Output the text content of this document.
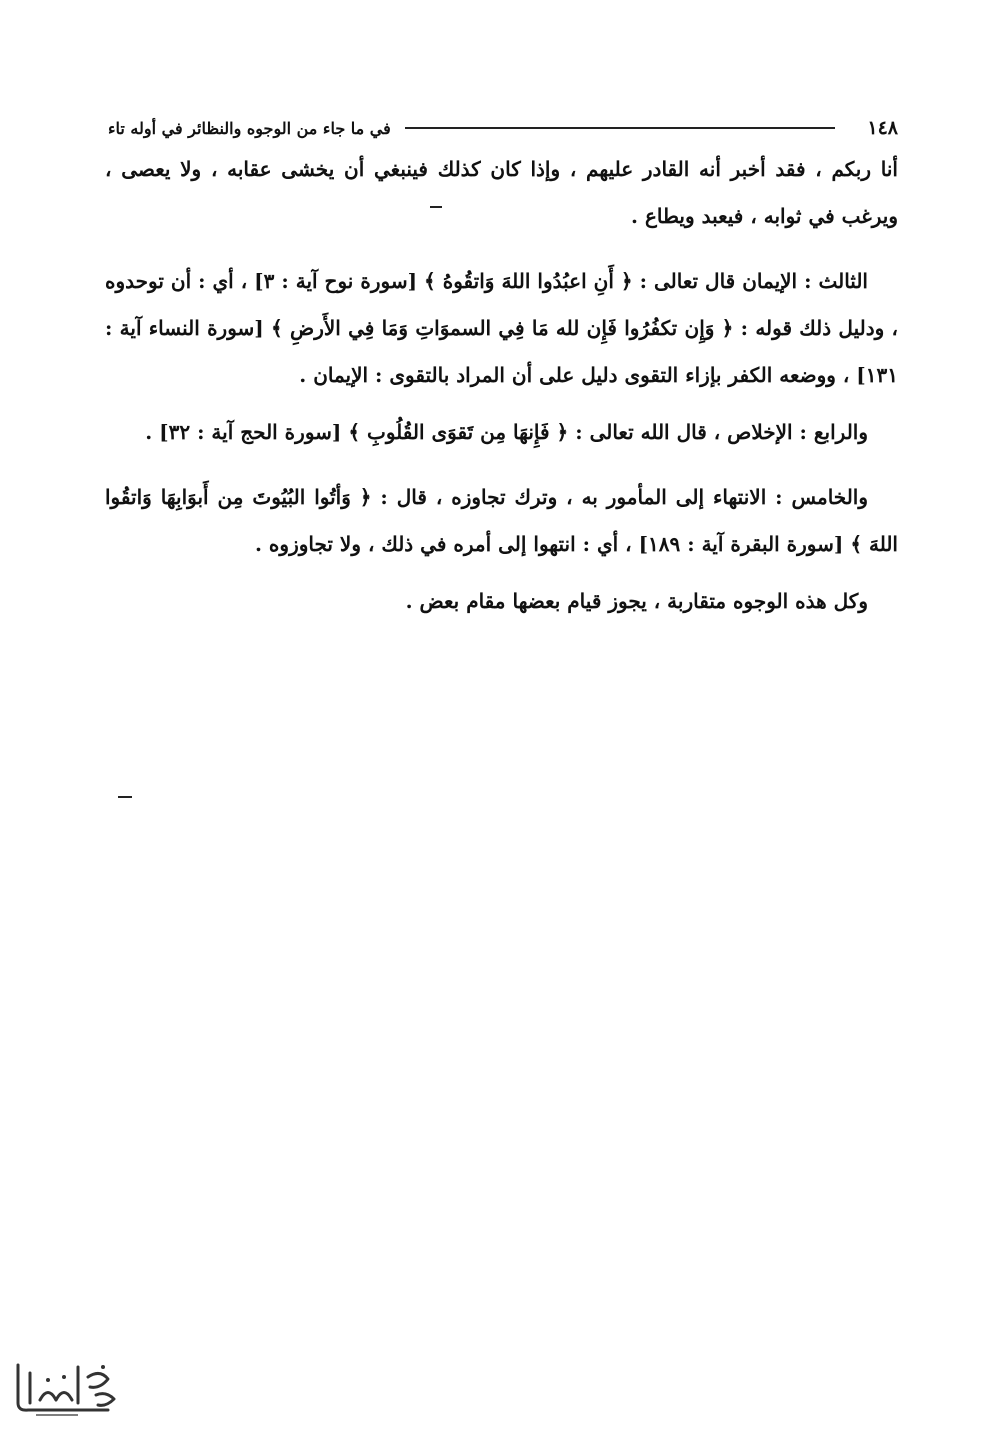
١٤٨
في ما جاء من الوجوه والنظائر في أوله تاء

أنا ربكم ، فقد أخبر أنه القادر عليهم ، وإذا كان كذلك فينبغي أن يخشى عقابه ، ولا يعصى ، ويرغب في ثوابه ، فيعبد ويطاع .

الثالث : الإيمان قال تعالى : ﴿ أَنِ اعبُدُوا اللهَ وَاتقُوهُ ﴾ [سورة نوح آية : ٣] ، أي : أن توحدوه ، ودليل ذلك قوله : ﴿ وَإِن تكفُرُوا فَإِن لله مَا فِي السموَاتِ وَمَا فِي الأَرضِ ﴾ [سورة النساء آية : ١٣١] ، ووضعه الكفر بإزاء التقوى دليل على أن المراد بالتقوى : الإيمان .

والرابع : الإخلاص ، قال الله تعالى : ﴿ فَإِنهَا مِن تَقوَى القُلُوبِ ﴾ [سورة الحج آية : ٣٢] .

والخامس : الانتهاء إلى المأمور به ، وترك تجاوزه ، قال : ﴿ وَأتُوا البُيُوتَ مِن أَبوَابِهَا وَاتقُوا اللهَ ﴾ [سورة البقرة آية : ١٨٩] ، أي : انتهوا إلى أمره في ذلك ، ولا تجاوزوه .

وكل هذه الوجوه متقاربة ، يجوز قيام بعضها مقام بعض .
